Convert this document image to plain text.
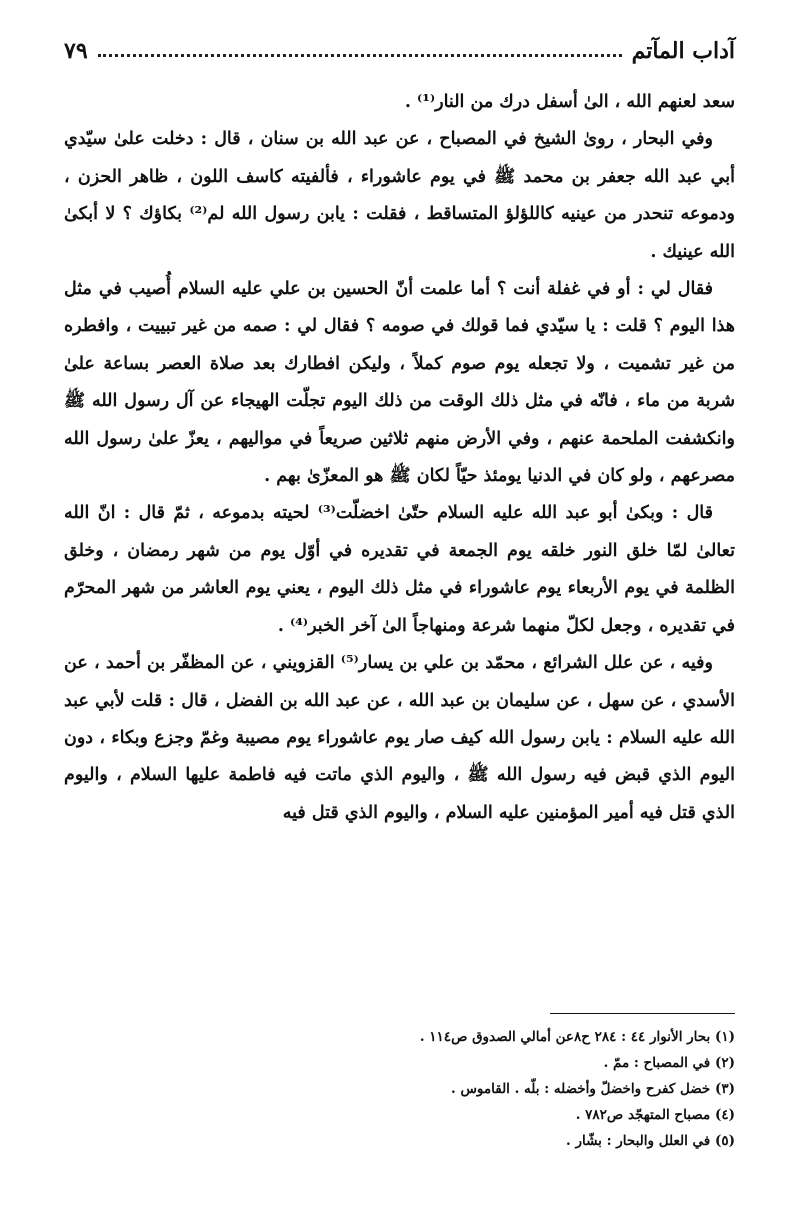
آداب المآتم
٧٩

سعد لعنهم الله ، الىٰ أسفل درك من النار⁽¹⁾ .

وفي البحار ، روىٰ الشيخ في المصباح ، عن عبد الله بن سنان ، قال : دخلت علىٰ سيّدي أبي عبد الله جعفر بن محمد ﷺ في يوم عاشوراء ، فألفيته كاسف اللون ، ظاهر الحزن ، ودموعه تنحدر من عينيه كاللؤلؤ المتساقط ، فقلت : يابن رسول الله لم⁽²⁾ بكاؤك ؟ لا أبكىٰ الله عينيك .

فقال لي : أو في غفلة أنت ؟ أما علمت أنّ الحسين بن علي عليه السلام أُصيب في مثل هذا اليوم ؟ قلت : يا سيّدي فما قولك في صومه ؟ فقال لي : صمه من غير تبييت ، وافطره من غير تشميت ، ولا تجعله يوم صوم كملاً ، وليكن افطارك بعد صلاة العصر بساعة علىٰ شربة من ماء ، فانّه في مثل ذلك الوقت من ذلك اليوم تجلّت الهيجاء عن آل رسول الله ﷺ وانكشفت الملحمة عنهم ، وفي الأرض منهم ثلاثين صريعاً في مواليهم ، يعزّ علىٰ رسول الله مصرعهم ، ولو كان في الدنيا يومئذ حيّاً لكان ﷺ هو المعزّىٰ بهم .

قال : وبكىٰ أبو عبد الله عليه السلام حتّىٰ اخضلّت⁽³⁾ لحيته بدموعه ، ثمّ قال : انّ الله تعالىٰ لمّا خلق النور خلقه يوم الجمعة في تقديره في أوّل يوم من شهر رمضان ، وخلق الظلمة في يوم الأربعاء يوم عاشوراء في مثل ذلك اليوم ، يعني يوم العاشر من شهر المحرّم في تقديره ، وجعل لكلّ منهما شرعة ومنهاجاً الىٰ آخر الخبر⁽⁴⁾ .

وفيه ، عن علل الشرائع ، محمّد بن علي بن يسار⁽⁵⁾ القزويني ، عن المظفّر بن أحمد ، عن الأسدي ، عن سهل ، عن سليمان بن عبد الله ، عن عبد الله بن الفضل ، قال : قلت لأبي عبد الله عليه السلام : يابن رسول الله كيف صار يوم عاشوراء يوم مصيبة وغمّ وجزع وبكاء ، دون اليوم الذي قبض فيه رسول الله ﷺ ، واليوم الذي ماتت فيه فاطمة عليها السلام ، واليوم الذي قتل فيه أمير المؤمنين عليه السلام ، واليوم الذي قتل فيه

(١) بحار الأنوار ٤٤ : ٢٨٤ ح٨عن أمالي الصدوق ص١١٤ .
(٢) في المصباح : ممّ .
(٣) خضل كفرح واخضلّ وأخضله : بلّه . القاموس .
(٤) مصباح المتهجّد ص٧٨٢ .
(٥) في العلل والبحار : بشّار .
